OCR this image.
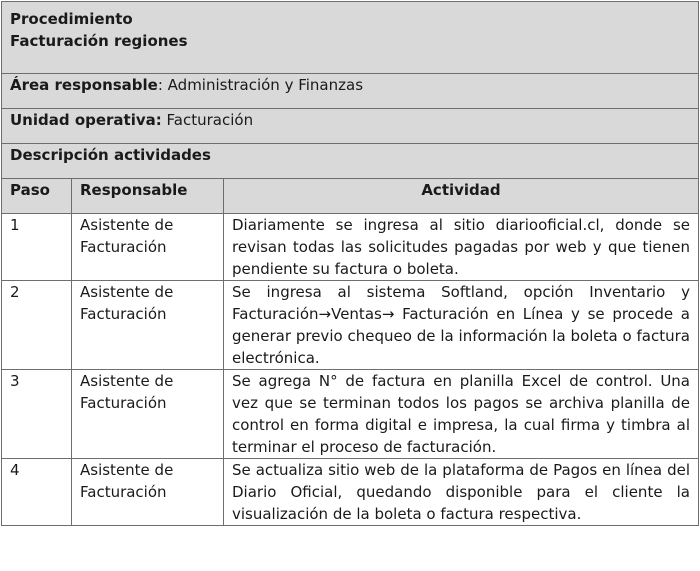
Procedimiento
Facturación regiones		

Área responsable: Administración y Finanzas		
Unidad operativa: Facturación		
Descripción actividades		
Paso	Responsable	Actividad
1	Asistente de Facturación	Diariamente se ingresa al sitio diariooficial.cl, donde se revisan todas las solicitudes pagadas por web y que tienen pendiente su factura o boleta.
2	Asistente de Facturación	Se ingresa al sistema Softland, opción Inventario y Facturación→Ventas→ Facturación en Línea y se procede a generar previo chequeo de la información la boleta o factura electrónica.
3	Asistente de Facturación	Se agrega N° de factura en planilla Excel de control. Una vez que se terminan todos los pagos se archiva planilla de control en forma digital e impresa, la cual firma y timbra al terminar el proceso de facturación.
4	Asistente de Facturación	Se actualiza sitio web de la plataforma de Pagos en línea del Diario Oficial, quedando disponible para el cliente la visualización de la boleta o factura respectiva.
